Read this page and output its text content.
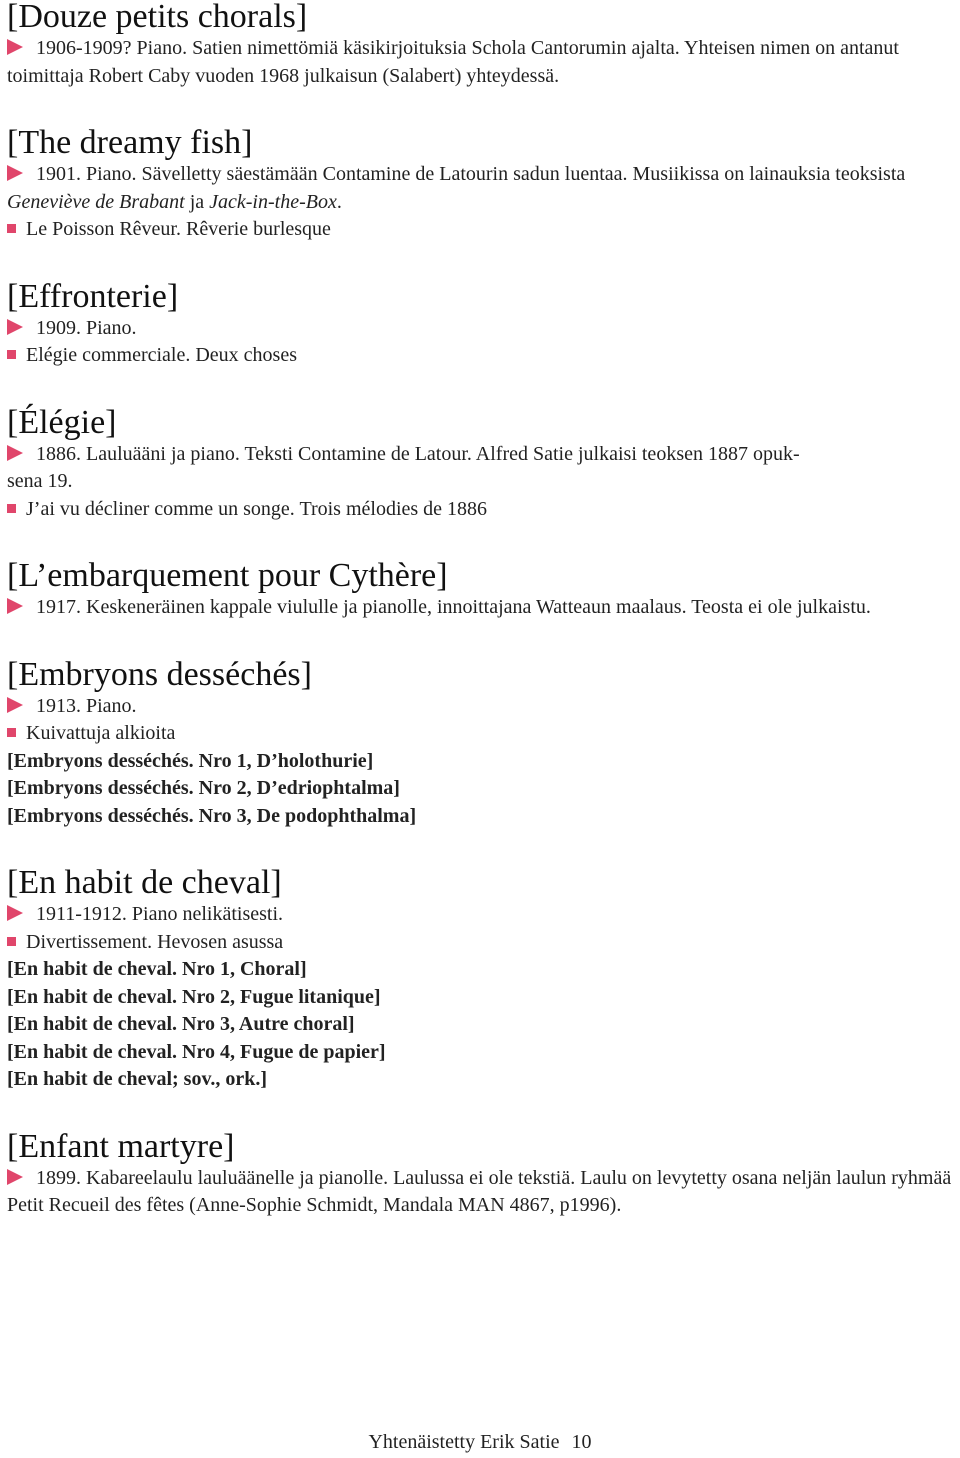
[Douze petits chorals]

1906-1909? Piano. Satien nimettömiä käsikirjoituksia Schola Cantorumin ajalta. Yhteisen nimen on antanut toimittaja Robert Caby vuoden 1968 julkaisun (Salabert) yhteydessä.

[The dreamy fish]

1901. Piano. Sävelletty säestämään Contamine de Latourin sadun luentaa. Musiikissa on lainauksia teoksista Geneviève de Brabant ja Jack-in-the-Box.

Le Poisson Rêveur. Rêverie burlesque

[Effronterie]

1909. Piano.

Elégie commerciale. Deux choses

[Élégie]

1886. Lauluääni ja piano. Teksti Contamine de Latour. Alfred Satie julkaisi teoksen 1887 opuk-

sena 19.

J’ai vu décliner comme un songe. Trois mélodies de 1886

[L’embarquement pour Cythère]

1917. Keskeneräinen kappale viululle ja pianolle, innoittajana Watteaun maalaus. Teosta ei ole julkaistu.

[Embryons desséchés]

1913. Piano.

Kuivattuja alkioita

[Embryons desséchés. Nro 1, D’holothurie]

[Embryons desséchés. Nro 2, D’edriophtalma]

[Embryons desséchés. Nro 3, De podophthalma]

[En habit de cheval]

1911-1912. Piano nelikätisesti.

Divertissement. Hevosen asussa

[En habit de cheval. Nro 1, Choral]

[En habit de cheval. Nro 2, Fugue litanique]

[En habit de cheval. Nro 3, Autre choral]

[En habit de cheval. Nro 4, Fugue de papier]

[En habit de cheval; sov., ork.]

[Enfant martyre]

1899. Kabareelaulu lauluäänelle ja pianolle. Laulussa ei ole tekstiä. Laulu on levytetty osana neljän laulun ryhmää Petit Recueil des fêtes (Anne-Sophie Schmidt, Mandala MAN 4867, p1996).

Yhtenäistetty Erik Satie 10
